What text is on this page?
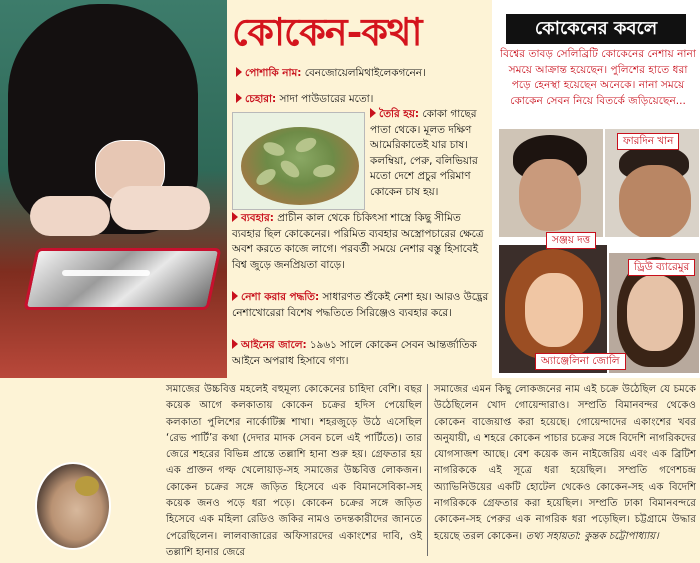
কোকেন-কথা
পোশাকি নাম: বেনজোয়েলমিথাইলেকগনেন।
চেহারা: সাদা পাউডারের মতো।
তৈরি হয়: কোকা গাছের পাতা থেকে। মূলত দক্ষিণ আমেরিকাতেই যার চাষ। কলম্বিয়া, পেরু, বলিভিয়ার মতো দেশে প্রচুর পরিমাণ কোকেন চাষ হয়।
ব্যবহার: প্রাচীন কাল থেকে চিকিৎসা শাস্ত্রে কিছু সীমিত ব্যবহার ছিল কোকেনের। পরিমিত ব্যবহার অস্ত্রোপচারের ক্ষেত্রে অবশ করতে কাজে লাগে। পরবর্তী সময়ে নেশার বস্তু হিসাবেই বিশ্ব জুড়ে জনপ্রিয়তা বাড়ে।
নেশা করার পদ্ধতি: সাধারণত শুঁকেই নেশা হয়। আরও উদ্ভ্রের নেশাখোরেরা বিশেষ পদ্ধতিতে সিরিঞ্জেও ব্যবহার করে।
আইনের জালে: ১৯৬১ সালে কোকেন সেবন আন্তর্জাতিক আইনে অপরাধ হিসাবে গণ্য।
কোকেনের কবলে
বিশ্বের তাবড় সেলিব্রিটি কোকেনের নেশায় নানা সময়ে আক্রান্ত হয়েছেন। পুলিশের হাতে ধরা পড়ে হেনস্থা হয়েছেন অনেকে। নানা সময়ে কোকেন সেবন নিয়ে বিতর্কে জড়িয়েছেন...
ফারদিন খান
সঞ্জয় দত্ত
ড্রিউ ব্যারেমুর
অ্যাঞ্জেলিনা জোলি
সমাজের উচ্চবিত্ত মহলেই বহুমূল্য কোকেনের চাহিদা বেশি। বছর কয়েক আগে কলকাতায় কোকেন চক্রের হদিস পেয়েছিল কলকাতা পুলিশের নার্কোটিক্স শাখা। শহরজুড়ে উঠে এসেছিল ‘রেভ পার্টি’র কথা (দেদার মাদক সেবন চলে এই পার্টিতে)। তার জেরে শহরের বিভিন্ন প্রান্তে তল্লাশি হানা শুরু হয়। গ্রেফতার হয় এক প্রাক্তন গল্ফ খেলোয়াড়-সহ সমাজের উচ্চবিত্ত লোকজন। কোকেন চক্রের সঙ্গে জড়িত হিসেবে এক বিমানসেবিকা-সহ কয়েক জনও পড়ে ধরা পড়ে। কোকেন চক্রের সঙ্গে জড়িত হিসেবে এক মহিলা রেডিও জকির নামও তদন্তকারীদের জানতে পেরেছিলেন। লালবাজারের অফিসারদের একাংশের দাবি, ওই তল্লাশি হানার জেরে
সমাজের এমন কিছু লোকজনের নাম এই চক্রে উঠেছিল যে চমকে উঠেছিলেন খোদ গোয়েন্দারাও। সম্প্রতি বিমানবন্দর থেকেও কোকেন বাজেয়াপ্ত করা হয়েছে। গোয়েন্দাদের একাংশের খবর অনুযায়ী, এ শহরে কোকেন পাচার চক্রের সঙ্গে বিদেশি নাগরিকদের যোগসাজশ আছে। বেশ কয়েক জন নাইজেরিয় এবং এক ব্রিটিশ নাগরিককে এই সূত্রে ধরা হয়েছিল। সম্প্রতি গণেশচন্দ্র অ্যাভিনিউয়ের একটি হোটেল থেকেও কোকেন-সহ এক বিদেশি নাগরিককে গ্রেফতার করা হয়েছিল। সম্প্রতি ঢাকা বিমানবন্দরে কোকেন-সহ পেরুর এক নাগরিক ধরা পড়েছিল। চট্টগ্রামে উদ্ধার হয়েছে তরল কোকেন। তথ্য সহায়তা: কুন্তক চট্টোপাধ্যায়।
